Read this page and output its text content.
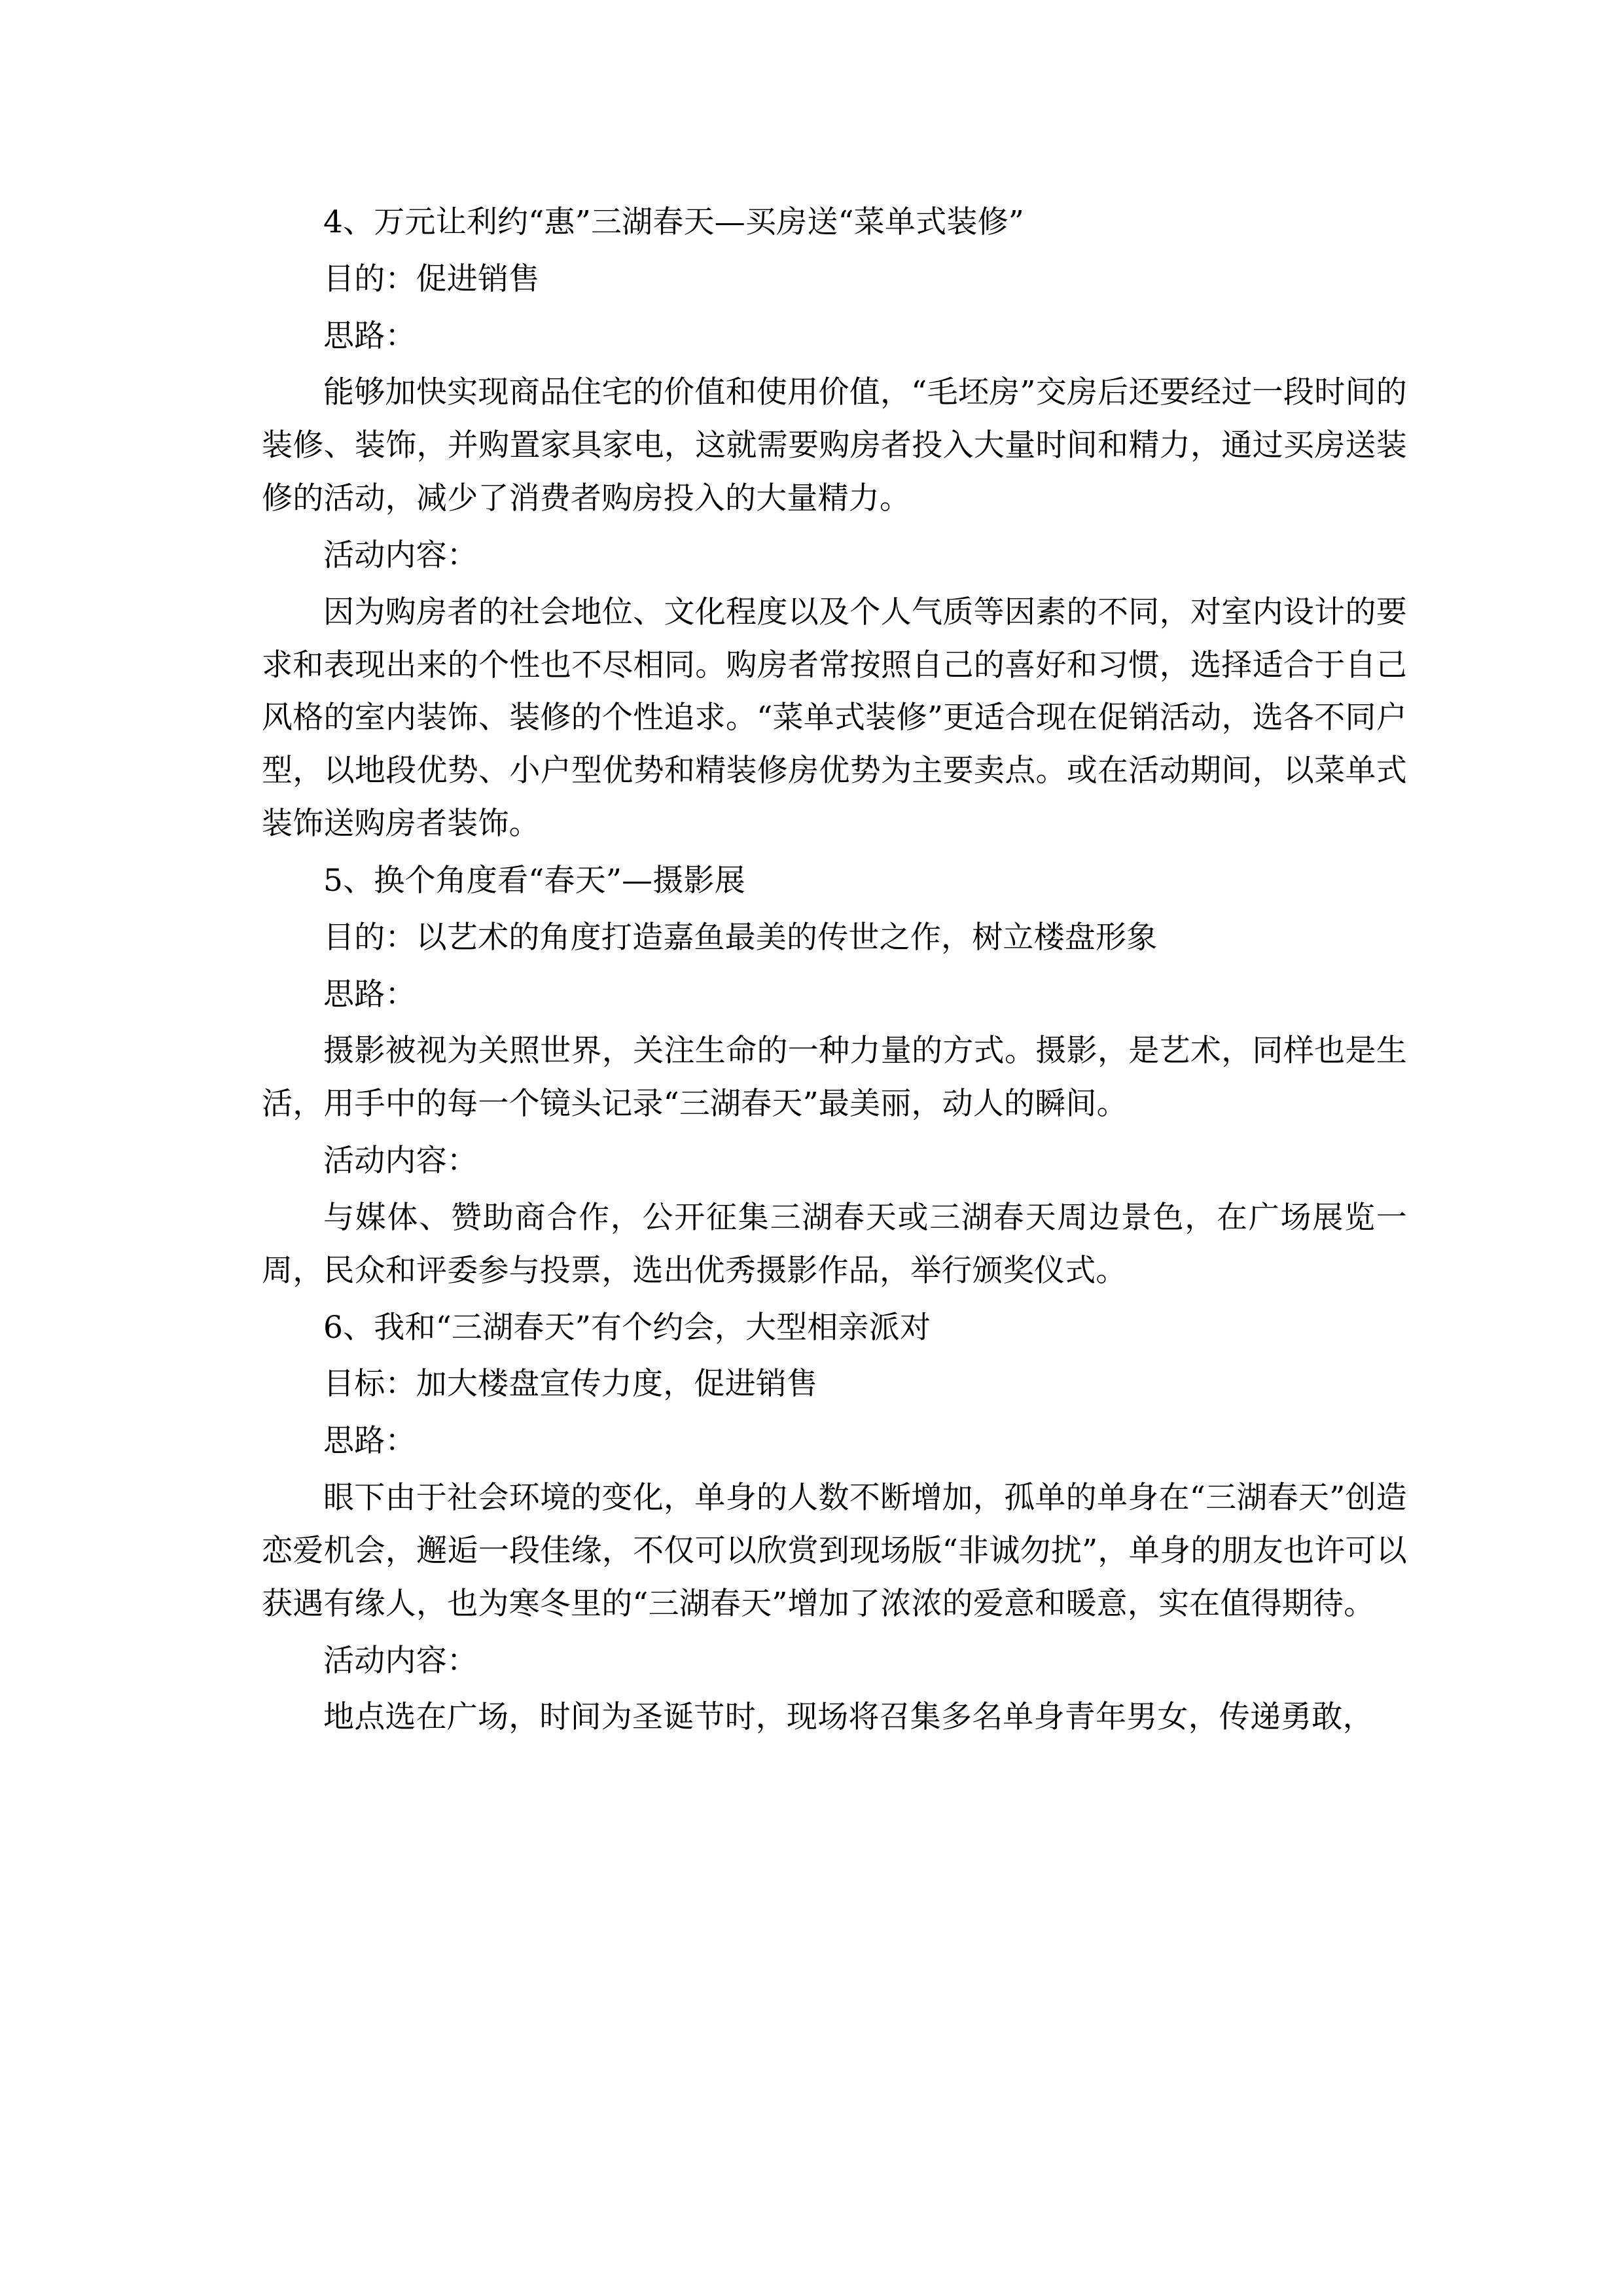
4、万元让利约“惠”三湖春天—买房送“菜单式装修”

目的：促进销售

思路：

能够加快实现商品住宅的价值和使用价值，“毛坯房”交房后还要经过一段时间的装修、装饰，并购置家具家电，这就需要购房者投入大量时间和精力，通过买房送装修的活动，减少了消费者购房投入的大量精力。

活动内容：

因为购房者的社会地位、文化程度以及个人气质等因素的不同，对室内设计的要求和表现出来的个性也不尽相同。购房者常按照自己的喜好和习惯，选择适合于自己风格的室内装饰、装修的个性追求。“菜单式装修”更适合现在促销活动，选各不同户型，以地段优势、小户型优势和精装修房优势为主要卖点。或在活动期间，以菜单式装饰送购房者装饰。

5、换个角度看“春天”—摄影展

目的：以艺术的角度打造嘉鱼最美的传世之作，树立楼盘形象

思路：

摄影被视为关照世界，关注生命的一种力量的方式。摄影，是艺术，同样也是生活，用手中的每一个镜头记录“三湖春天”最美丽，动人的瞬间。

活动内容：

与媒体、赞助商合作，公开征集三湖春天或三湖春天周边景色，在广场展览一周，民众和评委参与投票，选出优秀摄影作品，举行颁奖仪式。

6、我和“三湖春天”有个约会，大型相亲派对

目标：加大楼盘宣传力度，促进销售

思路：

眼下由于社会环境的变化，单身的人数不断增加，孤单的单身在“三湖春天”创造恋爱机会，邂逅一段佳缘，不仅可以欣赏到现场版“非诚勿扰”，单身的朋友也许可以获遇有缘人，也为寒冬里的“三湖春天”增加了浓浓的爱意和暖意，实在值得期待。

活动内容：

地点选在广场，时间为圣诞节时，现场将召集多名单身青年男女，传递勇敢，
